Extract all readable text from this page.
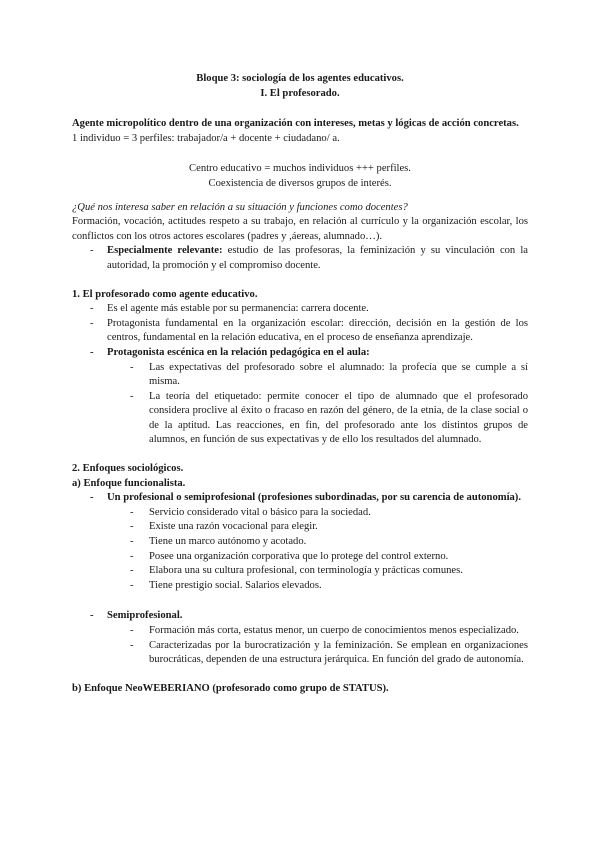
Bloque 3: sociología de los agentes educativos.
I. El profesorado.
Agente micropolítico dentro de una organización con intereses, metas y lógicas de acción concretas.
1 individuo = 3 perfiles: trabajador/a + docente + ciudadano/ a.
Centro educativo = muchos individuos +++ perfiles.
Coexistencia de diversos grupos de interés.
¿Qué nos interesa saber en relación a su situación y funciones como docentes?
Formación, vocación, actitudes respeto a su trabajo, en relación al currículo y la organización escolar, los conflictos con los otros actores escolares (padres y ,áereas, alumnado…).
- Especialmente relevante: estudio de las profesoras, la feminización y su vinculación con la autoridad, la promoción y el compromiso docente.
1. El profesorado como agente educativo.
- Es el agente más estable por su permanencia: carrera docente.
- Protagonista fundamental en la organización escolar: dirección, decisión en la gestión de los centros, fundamental en la relación educativa, en el proceso de enseñanza aprendizaje.
- Protagonista escénica en la relación pedagógica en el aula:
- Las expectativas del profesorado sobre el alumnado: la profecía que se cumple a sí misma.
- La teoría del etiquetado: permite conocer el tipo de alumnado que el profesorado considera proclive al éxito o fracaso en razón del género, de la etnia, de la clase social o de la aptitud. Las reacciones, en fin, del profesorado ante los distintos grupos de alumnos, en función de sus expectativas y de ello los resultados del alumnado.
2. Enfoques sociológicos.
a) Enfoque funcionalista.
- Un profesional o semiprofesional (profesiones subordinadas, por su carencia de autonomía).
- Servicio considerado vital o básico para la sociedad.
- Existe una razón vocacional para elegir.
- Tiene un marco autónomo y acotado.
- Posee una organización corporativa que lo protege del control externo.
- Elabora una su cultura profesional, con terminología y prácticas comunes.
- Tiene prestigio social. Salarios elevados.
- Semiprofesional.
- Formación más corta, estatus menor, un cuerpo de conocimientos menos especializado.
- Caracterizadas por la burocratización y la feminización. Se emplean en organizaciones burocráticas, dependen de una estructura jerárquica. En función del grado de autonomía.
b) Enfoque NeoWEBERIANO (profesorado como grupo de STATUS).
